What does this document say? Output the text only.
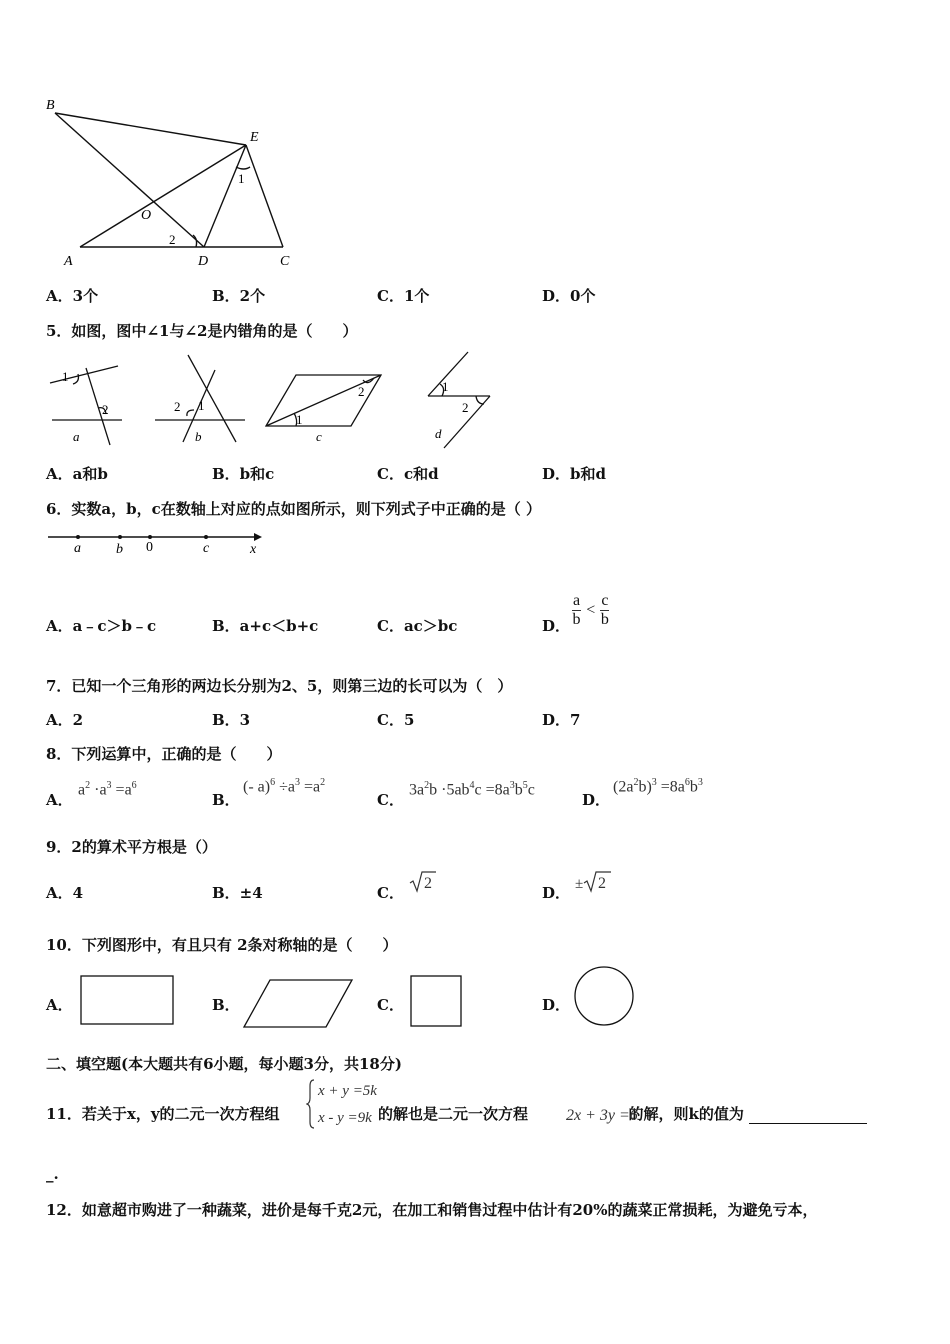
B
E
1
O
2
A	D	C
A．3个	B．2个	C．1个	D．0个
5．如图，图中∠1与∠2是内错角的是（　　）
1
2
a
2 1
b
1
2
c
1
2
d
A．a和b	B．b和c	C．c和d	D．b和d
6．实数a，b，c在数轴上对应的点如图所示，则下列式子中正确的是（ ）
a	b 0	c	x
A．a﹣c＞b﹣c	B．a+c＜b+c	C．ac＞bc	D． $\frac{a}{b} < \frac{c}{b}$
7．已知一个三角形的两边长分别为2、5，则第三边的长可以为（　）
A．2	B．3	C．5	D．7
8．下列运算中，正确的是（　　）
A．
$a^2 \cdot a^3 =a^6$
B．
(- $a)^6 \div a^3 =a^2$
C．
$3a^2b \cdot 5ab^4c =8a^3b^5c$
D．
$(2a^2b)^3 =8a^6b^3$
9．2的算术平方根是（）
A．4	B．±4	C．
2
D． ± 2
10．下列图形中，有且只有 2条对称轴的是（　　）
A．	B．	C．	D．
二、填空题(本大题共有6小题，每小题3分，共18分)
11．若关于x，y的二元一次方程组	的解也是二元一次方程	的解，则k的值为
x + y =5k
x - y =9k	2x + 3y =6
_.
12．如意超市购进了一种蔬菜，进价是每千克2元，在加工和销售过程中估计有20%的蔬菜正常损耗，为避免亏本，
